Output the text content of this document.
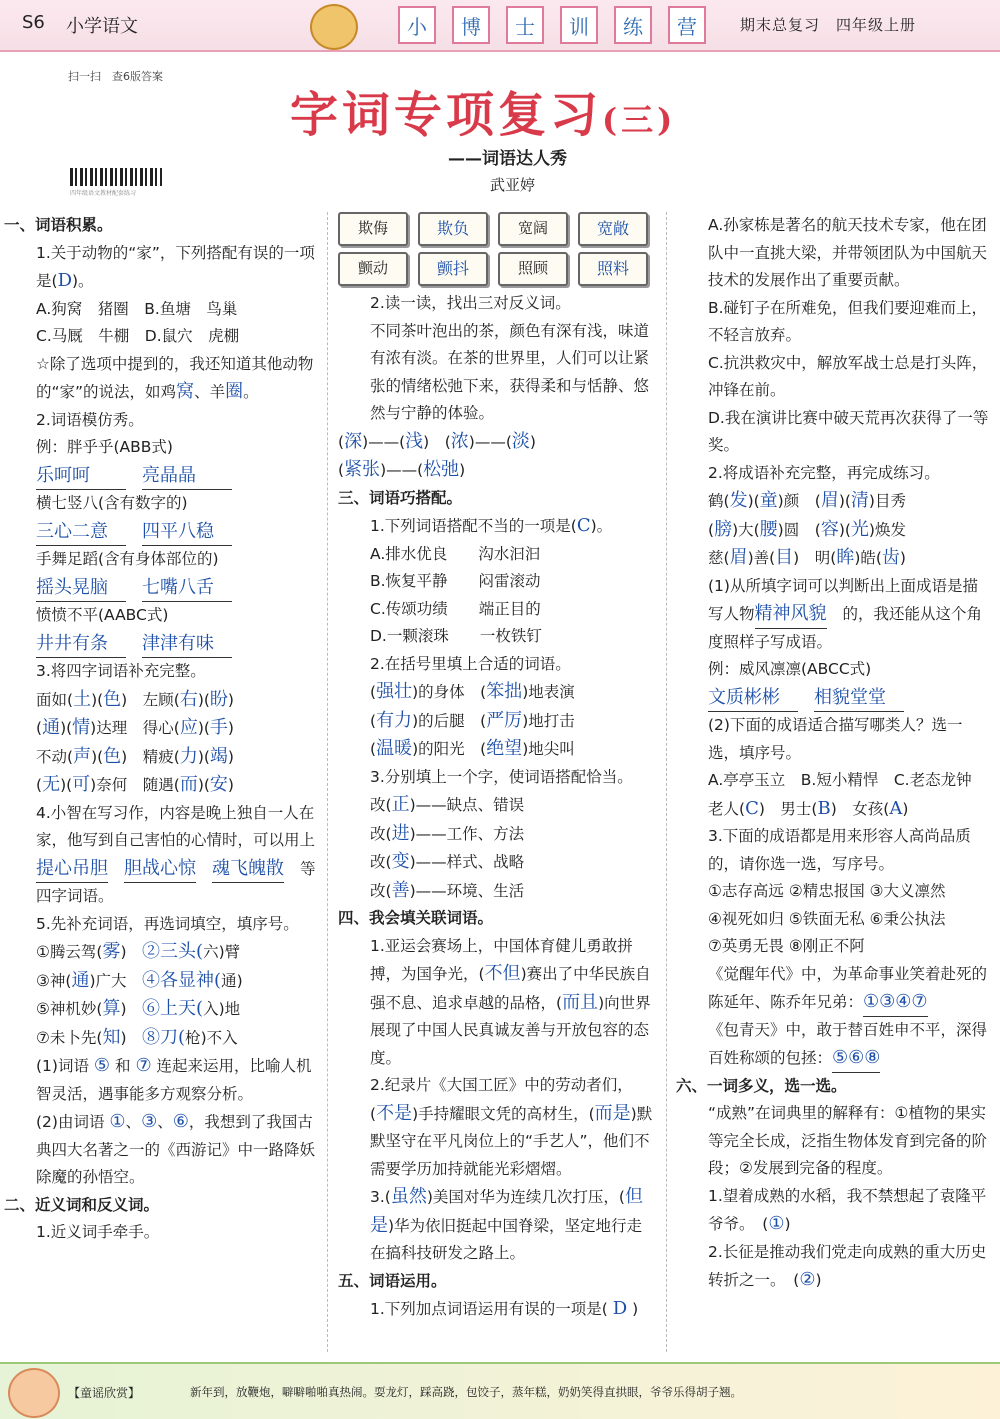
S6 小学语文	小	博	士	训	练	营	期末总复习　四年级上册
扫一扫　查6版答案
四年级语文教材配套练习
字词专项复习(三)
——词语达人秀
武亚婷
一、词语积累。
1.关于动物的“家”，下列搭配有误的一项是(D)。
A.狗窝　猪圈　 B.鱼塘　鸟巢
C.马厩　牛棚　 D.鼠穴　虎棚
☆除了选项中提到的，我还知道其他动物的“家”的说法，如鸡窝、羊圈。
2.词语模仿秀。
例：胖乎乎(ABB式)
乐呵呵	亮晶晶
横七竖八(含有数字的)
三心二意 四平八稳
手舞足蹈(含有身体部位的)
摇头晃脑 七嘴八舌
愤愤不平(AABC式)
井井有条 津津有味
3.将四字词语补充完整。
面如(土)(色)　 左顾(右)(盼)
(通)(情)达理　 得心(应)(手)
不动(声)(色)　 精疲(力)(竭)
(无)(可)奈何　 随遇(而)(安)
4.小智在写习作，内容是晚上独自一人在家，他写到自己害怕的心情时，可以用上 提心吊胆 胆战心惊 魂飞魄散 等四字词语。
5.先补充词语，再选词填空，填序号。
①腾云驾(雾)　 ②三头(六)臂
③神(通)广大　 ④各显神(通)
⑤神机妙(算)　 ⑥上天(入)地
⑦未卜先(知)　 ⑧刀(枪)不入
(1)词语 ⑤ 和 ⑦ 连起来运用，比喻人机智灵活，遇事能多方观察分析。
(2)由词语 ①、③、⑥，我想到了我国古典四大名著之一的《西游记》中一路降妖除魔的孙悟空。
二、近义词和反义词。
1.近义词手牵手。
欺侮	欺负	宽阔	宽敞
颤动	颤抖	照顾	照料
2.读一读，找出三对反义词。
不同茶叶泡出的茶，颜色有深有浅，味道有浓有淡。在茶的世界里，人们可以让紧张的情绪松弛下来，获得柔和与恬静、悠然与宁静的体验。
(深)——(浅)　(浓)——(淡)
(紧张)——(松弛)
三、词语巧搭配。
1.下列词语搭配不当的一项是(C)。
A.排水优良　　沟水汩汩
B.恢复平静　　闷雷滚动
C.传颂功绩　　端正目的
D.一颗滚珠　　一枚铁钉
2.在括号里填上合适的词语。
(强壮)的身体　(笨拙)地表演
(有力)的后腿　(严厉)地打击
(温暖)的阳光　(绝望)地尖叫
3.分别填上一个字，使词语搭配恰当。
改(正)——缺点、错误
改(进)——工作、方法
改(变)——样式、战略
改(善)——环境、生活
四、我会填关联词语。
1.亚运会赛场上，中国体育健儿勇敢拼搏，为国争光，(不但)赛出了中华民族自强不息、追求卓越的品格，(而且)向世界展现了中国人民真诚友善与开放包容的态度。
2.纪录片《大国工匠》中的劳动者们，(不是)手持耀眼文凭的高材生，(而是)默默坚守在平凡岗位上的“手艺人”，他们不需要学历加持就能光彩熠熠。
3.(虽然)美国对华为连续几次打压，(但是)华为依旧挺起中国脊梁，坚定地行走在搞科技研发之路上。
五、词语运用。
1.下列加点词语运用有误的一项是( D )
A.孙家栋是著名的航天技术专家，他在团队中一直挑大梁，并带领团队为中国航天技术的发展作出了重要贡献。
B.碰钉子在所难免，但我们要迎难而上，不轻言放弃。
C.抗洪救灾中，解放军战士总是打头阵，冲锋在前。
D.我在演讲比赛中破天荒再次获得了一等奖。
2.将成语补充完整，再完成练习。
鹤(发)(童)颜　 (眉)(清)目秀
(膀)大(腰)圆　 (容)(光)焕发
慈(眉)善(目)　 明(眸)皓(齿)
(1)从所填字词可以判断出上面成语是描写人物精神风貌 的，我还能从这个角度照样子写成语。
例：威风凛凛(ABCC式)
文质彬彬 相貌堂堂
(2)下面的成语适合描写哪类人？选一选，填序号。
A.亭亭玉立　B.短小精悍　C.老态龙钟
老人(C)　 男士(B)　 女孩(A)
3.下面的成语都是用来形容人高尚品质的，请你选一选，写序号。
①志存高远 ②精忠报国 ③大义凛然
④视死如归 ⑤铁面无私 ⑥秉公执法
⑦英勇无畏 ⑧刚正不阿
《觉醒年代》中，为革命事业笑着赴死的陈延年、陈乔年兄弟：①③④⑦
《包青天》中，敢于替百姓申不平，深得百姓称颂的包拯：⑤⑥⑧
六、一词多义，选一选。
“成熟”在词典里的解释有：①植物的果实等完全长成，泛指生物体发育到完备的阶段；②发展到完备的程度。
1.望着成熟的水稻，我不禁想起了袁隆平爷爷。　(①)
2.长征是推动我们党走向成熟的重大历史转折之一。　(②)
【童谣欣赏】	新年到，放鞭炮，噼噼啪啪真热闹。耍龙灯，踩高跷，包饺子，蒸年糕，奶奶笑得直拱眼，爷爷乐得胡子翘。
